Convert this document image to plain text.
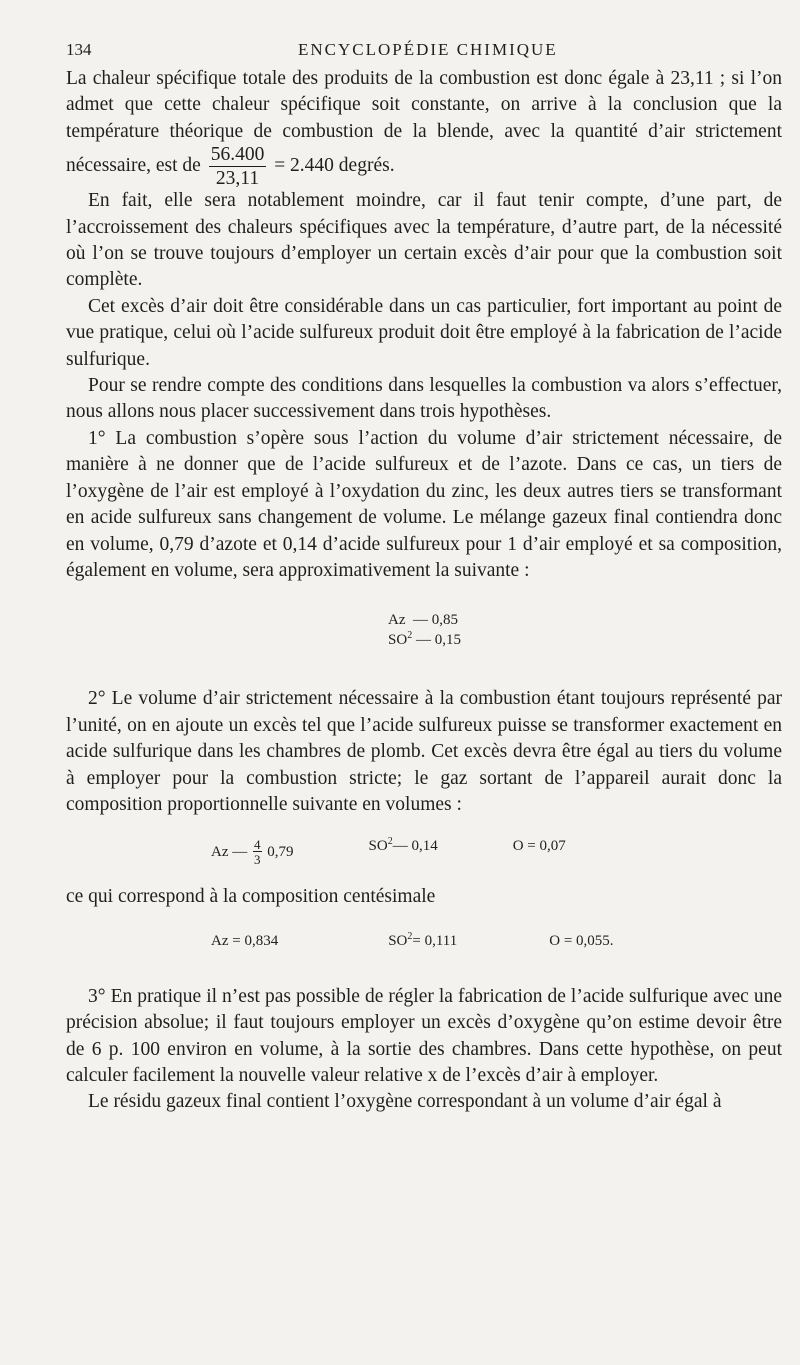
134	ENCYCLOPÉDIE CHIMIQUE

La chaleur spécifique totale des produits de la combustion est donc égale à 23,11 ; si l’on admet que cette chaleur spécifique soit constante, on arrive à la conclusion que la température théorique de combustion de la blende, avec la quantité d’air strictement nécessaire, est de $\frac{56.400}{23,11} = 2.440$ degrés.

En fait, elle sera notablement moindre, car il faut tenir compte, d’une part, de l’accroissement des chaleurs spécifiques avec la température, d’autre part, de la nécessité où l’on se trouve toujours d’employer un certain excès d’air pour que la combustion soit complète.

Cet excès d’air doit être considérable dans un cas particulier, fort important au point de vue pratique, celui où l’acide sulfureux produit doit être employé à la fabrication de l’acide sulfurique.

Pour se rendre compte des conditions dans lesquelles la combustion va alors s’effectuer, nous allons nous placer successivement dans trois hypothèses.

1° La combustion s’opère sous l’action du volume d’air strictement nécessaire, de manière à ne donner que de l’acide sulfureux et de l’azote. Dans ce cas, un tiers de l’oxygène de l’air est employé à l’oxydation du zinc, les deux autres tiers se transformant en acide sulfureux sans changement de volume. Le mélange gazeux final contiendra donc en volume, 0,79 d’azote et 0,14 d’acide sulfureux pour 1 d’air employé et sa composition, également en volume, sera approximativement la suivante :

Az — 0,85
$SO^2$ — 0,15

2° Le volume d’air strictement nécessaire à la combustion étant toujours représenté par l’unité, on en ajoute un excès tel que l’acide sulfureux puisse se transformer exactement en acide sulfurique dans les chambres de plomb. Cet excès devra être égal au tiers du volume à employer pour la combustion stricte; le gaz sortant de l’appareil aurait donc la composition proportionnelle suivante en volumes :

Az — $\frac{4}{3} 0,79$	$SO^2—$ 0,14	O = 0,07

ce qui correspond à la composition centésimale

Az = 0,834	$SO^2= 0,111$	O = 0,055.

3° En pratique il n’est pas possible de régler la fabrication de l’acide sulfurique avec une précision absolue; il faut toujours employer un excès d’oxygène qu’on estime devoir être de 6 p. 100 environ en volume, à la sortie des chambres. Dans cette hypothèse, on peut calculer facilement la nouvelle valeur relative x de l’excès d’air à employer.

Le résidu gazeux final contient l’oxygène correspondant à un volume d’air égal à
